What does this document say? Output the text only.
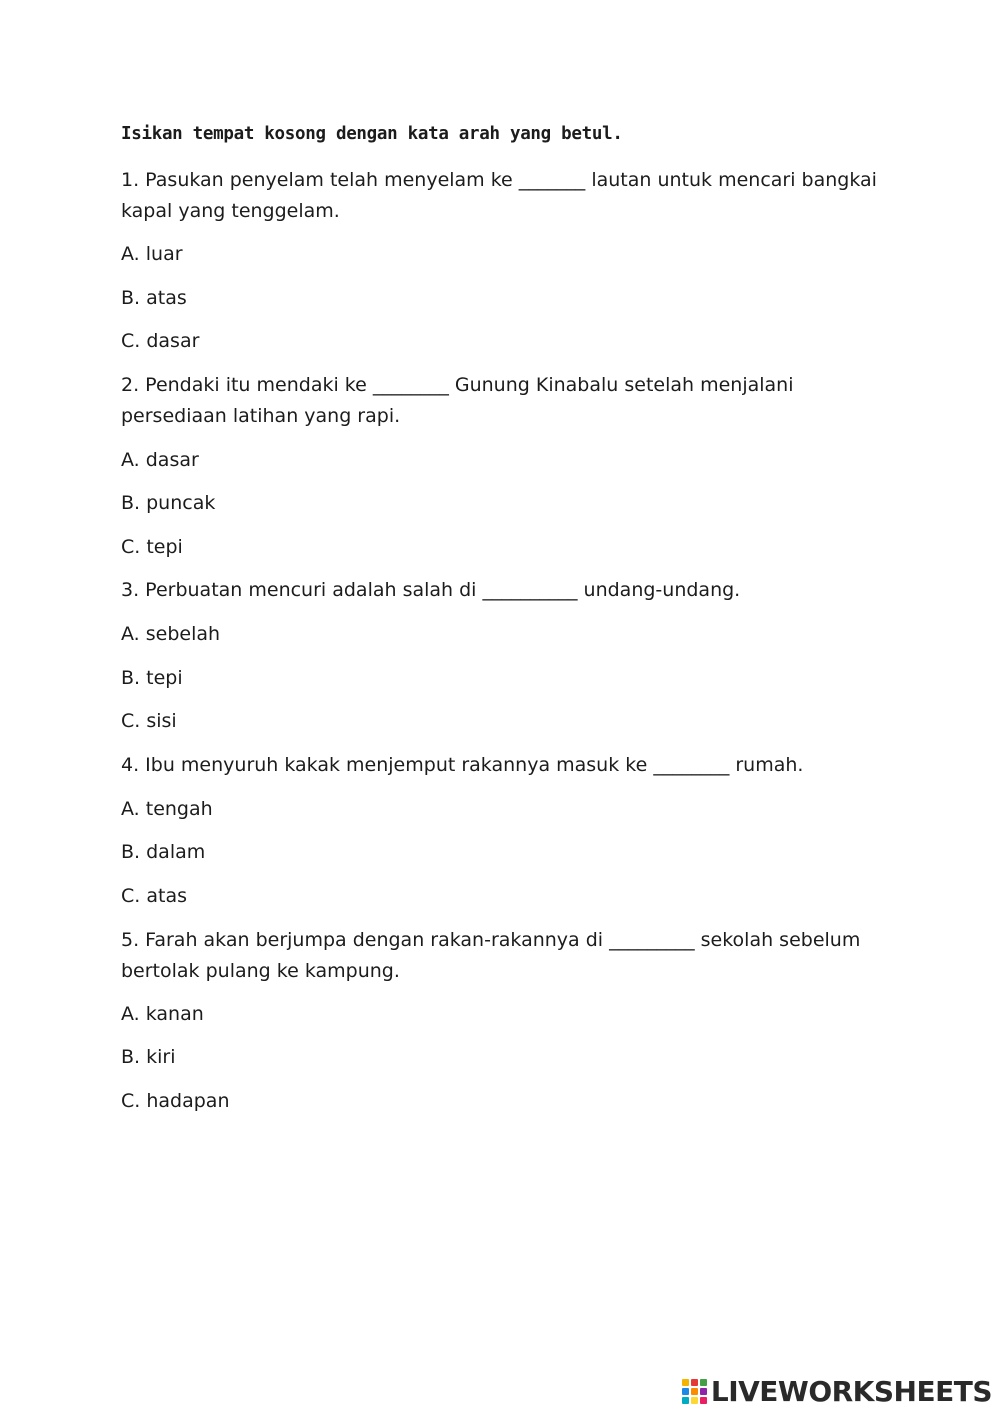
Isikan tempat kosong dengan kata arah yang betul.
1. Pasukan penyelam telah menyelam ke _______ lautan untuk mencari bangkai
kapal yang tenggelam.
A. luar
B. atas
C. dasar
2. Pendaki itu mendaki ke ________ Gunung Kinabalu setelah menjalani
persediaan latihan yang rapi.
A. dasar
B. puncak
C. tepi
3. Perbuatan mencuri adalah salah di __________ undang-undang.
A. sebelah
B. tepi
C. sisi
4. Ibu menyuruh kakak menjemput rakannya masuk ke ________ rumah.
A. tengah
B. dalam
C. atas
5. Farah akan berjumpa dengan rakan-rakannya di _________ sekolah sebelum
bertolak pulang ke kampung.
A. kanan
B. kiri
C. hadapan
LIVEWORKSHEETS
